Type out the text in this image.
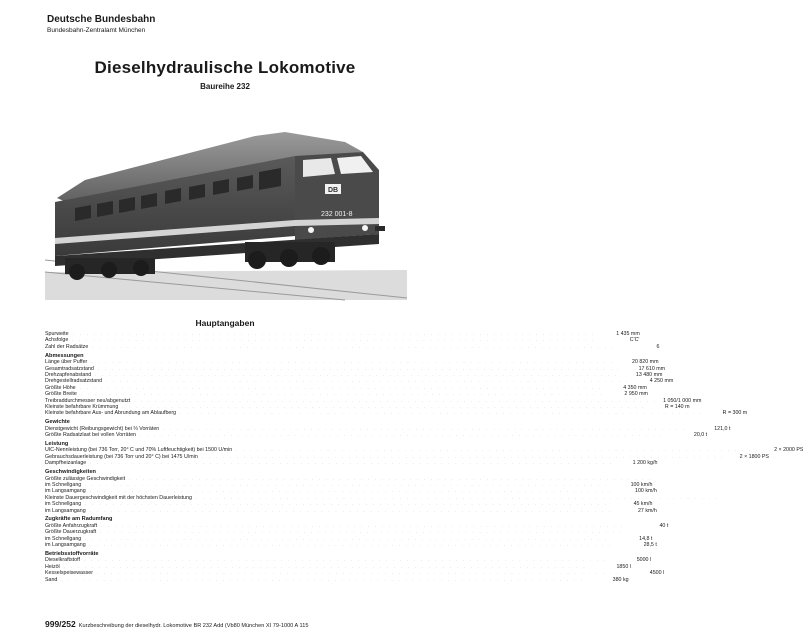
Deutsche Bundesbahn
Bundesbahn-Zentralamt München
Dieselhydraulische Lokomotive
Baureihe 232
DB
232 001-8
Hauptangaben
Spurweite . . . . . . . . . . . . . . . . . . . . . . . . . . . . . . . . . . . . . . . . . . . . . . . . . . . . . . . . . . . . . . . . . . . . . . . . . . .	1 435 mm
Achsfolge . . . . . . . . . . . . . . . . . . . . . . . . . . . . . . . . . . . . . . . . . . . . . . . . . . . . . . . . . . . . . . . . . . . . . . . . . . .	C'C'
Zahl der Radsätze . . . . . . . . . . . . . . . . . . . . . . . . . . . . . . . . . . . . . . . . . . . . . . . . . . . . . . . . . . . . . . . . . . . . . . . . . . .	6
Abmessungen
Länge über Puffer . . . . . . . . . . . . . . . . . . . . . . . . . . . . . . . . . . . . . . . . . . . . . . . . . . . . . . . . . . . . . . . . . . . . . . . . . . .	20 820 mm
Gesamtradsatzstand . . . . . . . . . . . . . . . . . . . . . . . . . . . . . . . . . . . . . . . . . . . . . . . . . . . . . . . . . . . . . . . . . . . . . . . . . . .	17 610 mm
Drehzapfenabstand . . . . . . . . . . . . . . . . . . . . . . . . . . . . . . . . . . . . . . . . . . . . . . . . . . . . . . . . . . . . . . . . . . . . . . . . . . .	13 480 mm
Drehgestellradsatzstand . . . . . . . . . . . . . . . . . . . . . . . . . . . . . . . . . . . . . . . . . . . . . . . . . . . . . . . . . . . . . . . . . . . . . . . . . . .	4 250 mm
Größte Höhe . . . . . . . . . . . . . . . . . . . . . . . . . . . . . . . . . . . . . . . . . . . . . . . . . . . . . . . . . . . . . . . . . . . . . . . . . . .	4 350 mm
Größte Breite . . . . . . . . . . . . . . . . . . . . . . . . . . . . . . . . . . . . . . . . . . . . . . . . . . . . . . . . . . . . . . . . . . . . . . . . . . .	2 950 mm
Treibraddurchmesser neu/abgenutzt . . . . . . . . . . . . . . . . . . . . . . . . . . . . . . . . . . . . . . . . . . . . . . . . . . . . . . . . . . . . . . . . . . . . . . . . . . .	1 050/1 000 mm
Kleinste befahrbare Krümmung . . . . . . . . . . . . . . . . . . . . . . . . . . . . . . . . . . . . . . . . . . . . . . . . . . . . . . . . . . . . . . . . . . . . . . . . . . .	R = 140 m
Kleinste befahrbare Aus- und Abrundung am Ablaufberg . . . . . . . . . . . . . . . . . . . . . . . . . . . . . . . . . . . . . . . . . . . . . . . . . . . . . . . . . . . . . . . . . . . . . . . . . . .	R = 300 m
Gewichte
Dienstgewicht (Reibungsgewicht) bei ⅔ Vorräten . . . . . . . . . . . . . . . . . . . . . . . . . . . . . . . . . . . . . . . . . . . . . . . . . . . . . . . . . . . . . . . . . . . . . . . . . . .	121,0 t
Größte Radsatzlast bei vollen Vorräten . . . . . . . . . . . . . . . . . . . . . . . . . . . . . . . . . . . . . . . . . . . . . . . . . . . . . . . . . . . . . . . . . . . . . . . . . . .	20,0 t
Leistung
UIC-Nennleistung (bei 736 Torr, 20° C und 70% Luftfeuchtigkeit) bei 1500 U/min . . . . . . . . . . . . . . . . . . . . . . . . . . . . . . . . . . . . . . . . . . . . . . . . . . . . . . . . . . . . . . . . . . . . . . . . . . .	2 × 2000 PS
Gebrauchsdauerleistung (bei 736 Torr und 20° C) bei 1475 U/min . . . . . . . . . . . . . . . . . . . . . . . . . . . . . . . . . . . . . . . . . . . . . . . . . . . . . . . . . . . . . . . . . . . . . . . . . . .	2 × 1800 PS
Dampfheizanlage . . . . . . . . . . . . . . . . . . . . . . . . . . . . . . . . . . . . . . . . . . . . . . . . . . . . . . . . . . . . . . . . . . . . . . . . . . .	1 200 kg/h
Geschwindigkeiten
Größte zulässige Geschwindigkeit . . . . . . . . . . . . . . . . . . . . . . . . . . . . . . . . . . . . . . . . . . . . . . . . . . . . . . . . . . . . . . . . . . . . . . . . . . .
im Schnellgang . . . . . . . . . . . . . . . . . . . . . . . . . . . . . . . . . . . . . . . . . . . . . . . . . . . . . . . . . . . . . . . . . . . . . . . . . . .	100 km/h
im Langsamgang . . . . . . . . . . . . . . . . . . . . . . . . . . . . . . . . . . . . . . . . . . . . . . . . . . . . . . . . . . . . . . . . . . . . . . . . . . .	100 km/h
Kleinste Dauergeschwindigkeit mit der höchsten Dauerleistung . . . . . . . . . . . . . . . . . . . . . . . . . . . . . . . . . . . . . . . . . . . . . . . . . . . . . . . . . . . . . . . . . . . . . . . . . . .
im Schnellgang . . . . . . . . . . . . . . . . . . . . . . . . . . . . . . . . . . . . . . . . . . . . . . . . . . . . . . . . . . . . . . . . . . . . . . . . . . .	45 km/h
im Langsamgang . . . . . . . . . . . . . . . . . . . . . . . . . . . . . . . . . . . . . . . . . . . . . . . . . . . . . . . . . . . . . . . . . . . . . . . . . . .	27 km/h
Zugkräfte am Radumfang
Größte Anfahrzugkraft . . . . . . . . . . . . . . . . . . . . . . . . . . . . . . . . . . . . . . . . . . . . . . . . . . . . . . . . . . . . . . . . . . . . . . . . . . .	40 t
Größte Dauerzugkraft . . . . . . . . . . . . . . . . . . . . . . . . . . . . . . . . . . . . . . . . . . . . . . . . . . . . . . . . . . . . . . . . . . . . . . . . . . .
im Schnellgang . . . . . . . . . . . . . . . . . . . . . . . . . . . . . . . . . . . . . . . . . . . . . . . . . . . . . . . . . . . . . . . . . . . . . . . . . . .	14,8 t
im Langsamgang . . . . . . . . . . . . . . . . . . . . . . . . . . . . . . . . . . . . . . . . . . . . . . . . . . . . . . . . . . . . . . . . . . . . . . . . . . .	28,5 t
Betriebsstoffvorräte
Dieselkraftstoff . . . . . . . . . . . . . . . . . . . . . . . . . . . . . . . . . . . . . . . . . . . . . . . . . . . . . . . . . . . . . . . . . . . . . . . . . . .	5000 l
Heizöl . . . . . . . . . . . . . . . . . . . . . . . . . . . . . . . . . . . . . . . . . . . . . . . . . . . . . . . . . . . . . . . . . . . . . . . . . . .	1850 l
Kesselspeisewasser . . . . . . . . . . . . . . . . . . . . . . . . . . . . . . . . . . . . . . . . . . . . . . . . . . . . . . . . . . . . . . . . . . . . . . . . . . .	4500 l
Sand . . . . . . . . . . . . . . . . . . . . . . . . . . . . . . . . . . . . . . . . . . . . . . . . . . . . . . . . . . . . . . . . . . . . . . . . . . .	380 kg
999/252 Kurzbeschreibung der dieselhydr. Lokomotive BR 232 Add (Vb80 München XI 79-1000 A 115
